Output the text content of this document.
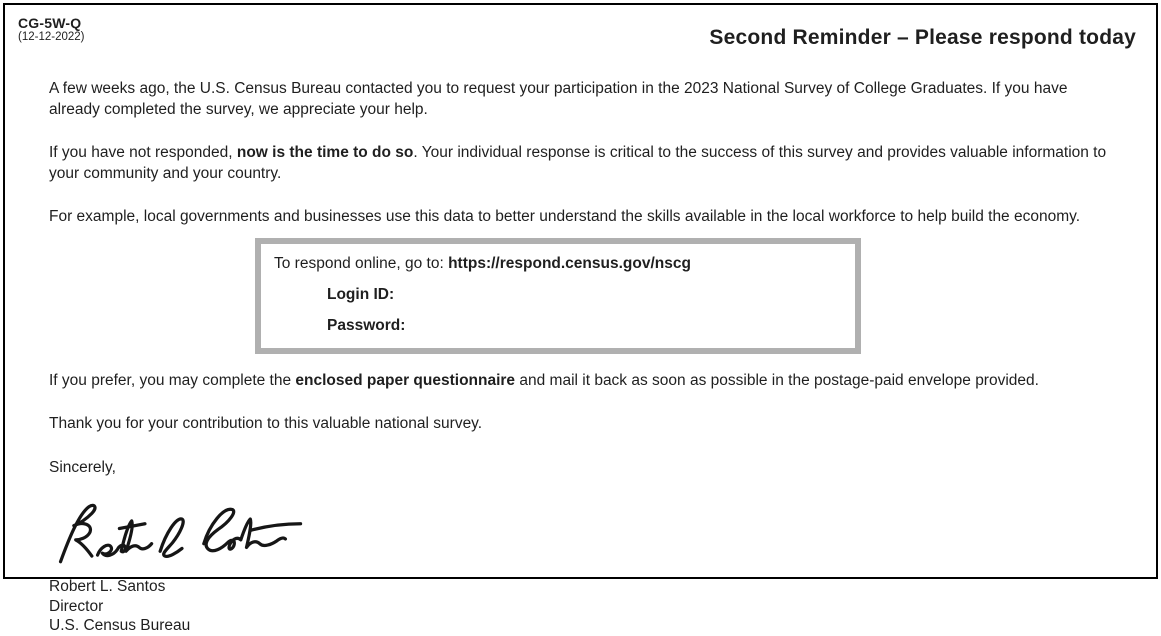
CG-5W-Q
(12-12-2022)	Second Reminder – Please respond today

A few weeks ago, the U.S. Census Bureau contacted you to request your participation in the 2023 National Survey of College Graduates. If you have already completed the survey, we appreciate your help.

If you have not responded, now is the time to do so. Your individual response is critical to the success of this survey and provides valuable information to your community and your country.

For example, local governments and businesses use this data to better understand the skills available in the local workforce to help build the economy.

To respond online, go to: https://respond.census.gov/nscg
Login ID:
Password:

If you prefer, you may complete the enclosed paper questionnaire and mail it back as soon as possible in the postage-paid envelope provided.

Thank you for your contribution to this valuable national survey.

Sincerely,

Robert L. Santos
Director
U.S. Census Bureau
